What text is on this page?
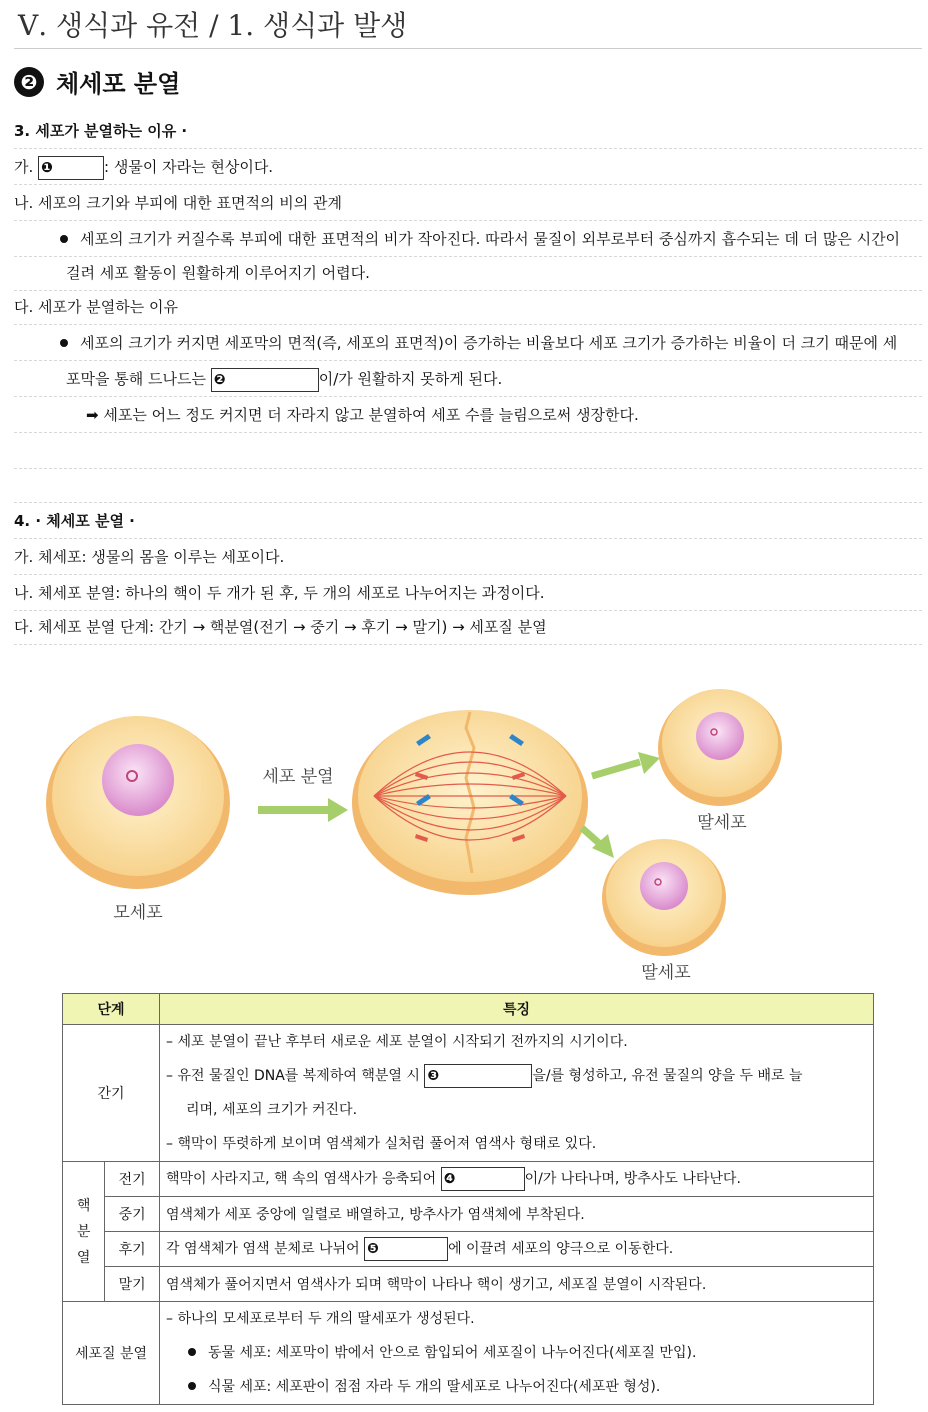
Ⅴ. 생식과 유전 / 1. 생식과 발생
❷ 체세포 분열
3. 세포가 분열하는 이유 ·
가. ❶	: 생물이 자라는 현상이다.
나. 세포의 크기와 부피에 대한 표면적의 비의 관계
세포의 크기가 커질수록 부피에 대한 표면적의 비가 작아진다. 따라서 물질이 외부로부터 중심까지 흡수되는 데 더 많은 시간이
걸려 세포 활동이 원활하게 이루어지기 어렵다.
다. 세포가 분열하는 이유
세포의 크기가 커지면 세포막의 면적(즉, 세포의 표면적)이 증가하는 비율보다 세포 크기가 증가하는 비율이 더 크기 때문에 세
포막을 통해 드나드는 ❷	이/가 원활하지 못하게 된다.
➡ 세포는 어느 정도 커지면 더 자라지 않고 분열하여 세포 수를 늘림으로써 생장한다.
4. · 체세포 분열 ·
가. 체세포: 생물의 몸을 이루는 세포이다.
나. 체세포 분열: 하나의 핵이 두 개가 된 후, 두 개의 세포로 나누어지는 과정이다.
다. 체세포 분열 단계: 간기 → 핵분열(전기 → 중기 → 후기 → 말기) → 세포질 분열
모세포
세포 분열
딸세포
딸세포
단계		특징
간기		– 세포 분열이 끝난 후부터 새로운 세포 분열이 시작되기 전까지의 시기이다.
– 유전 물질인 DNA를 복제하여 핵분열 시 ❸ 을/를 형성하고, 유전 물질의 양을 두 배로 늘
리며, 세포의 크기가 커진다.
– 핵막이 뚜렷하게 보이며 염색체가 실처럼 풀어져 염색사 형태로 있다.

핵
분
열	전기	핵막이 사라지고, 핵 속의 염색사가 응축되어 ❹ 이/가 나타나며, 방추사도 나타난다.
	중기	염색체가 세포 중앙에 일렬로 배열하고, 방추사가 염색체에 부착된다.
	후기	각 염색체가 염색 분체로 나뉘어 ❺ 에 이끌려 세포의 양극으로 이동한다.
	말기	염색체가 풀어지면서 염색사가 되며 핵막이 나타나 핵이 생기고, 세포질 분열이 시작된다.
세포질 분열		– 하나의 모세포로부터 두 개의 딸세포가 생성된다.
동물 세포: 세포막이 밖에서 안으로 함입되어 세포질이 나누어진다(세포질 만입).
식물 세포: 세포판이 점점 자라 두 개의 딸세포로 나누어진다(세포판 형성).
